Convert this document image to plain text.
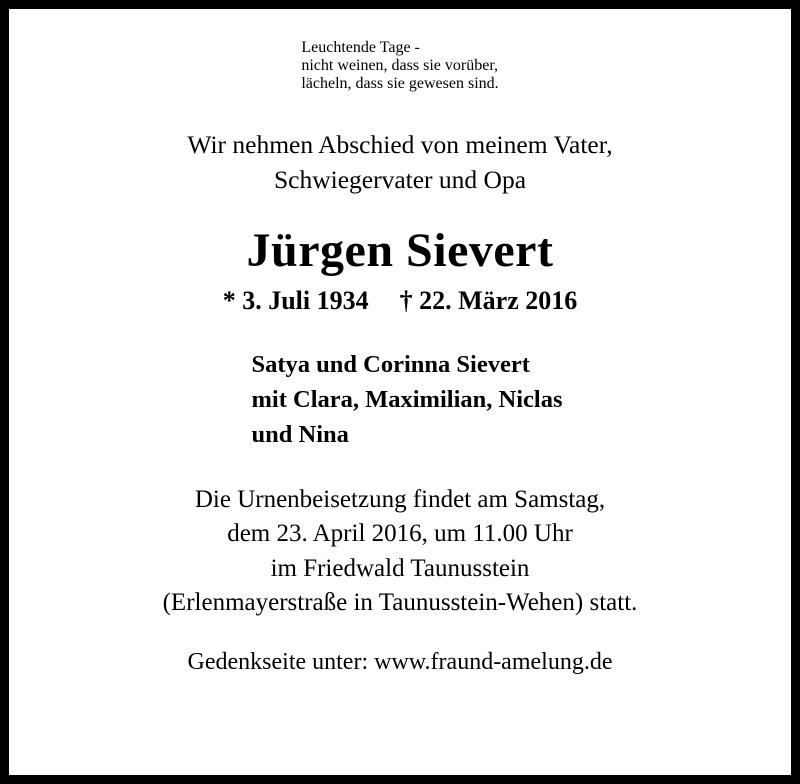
Leuchtende Tage -
nicht weinen, dass sie vorüber,
lächeln, dass sie gewesen sind.
Wir nehmen Abschied von meinem Vater,
Schwiegervater und Opa
Jürgen Sievert
* 3. Juli 1934 † 22. März 2016
Satya und Corinna Sievert
mit Clara, Maximilian, Niclas
und Nina
Die Urnenbeisetzung findet am Samstag,
dem 23. April 2016, um 11.00 Uhr
im Friedwald Taunusstein
(Erlenmayerstraße in Taunusstein-Wehen) statt.
Gedenkseite unter: www.fraund-amelung.de
